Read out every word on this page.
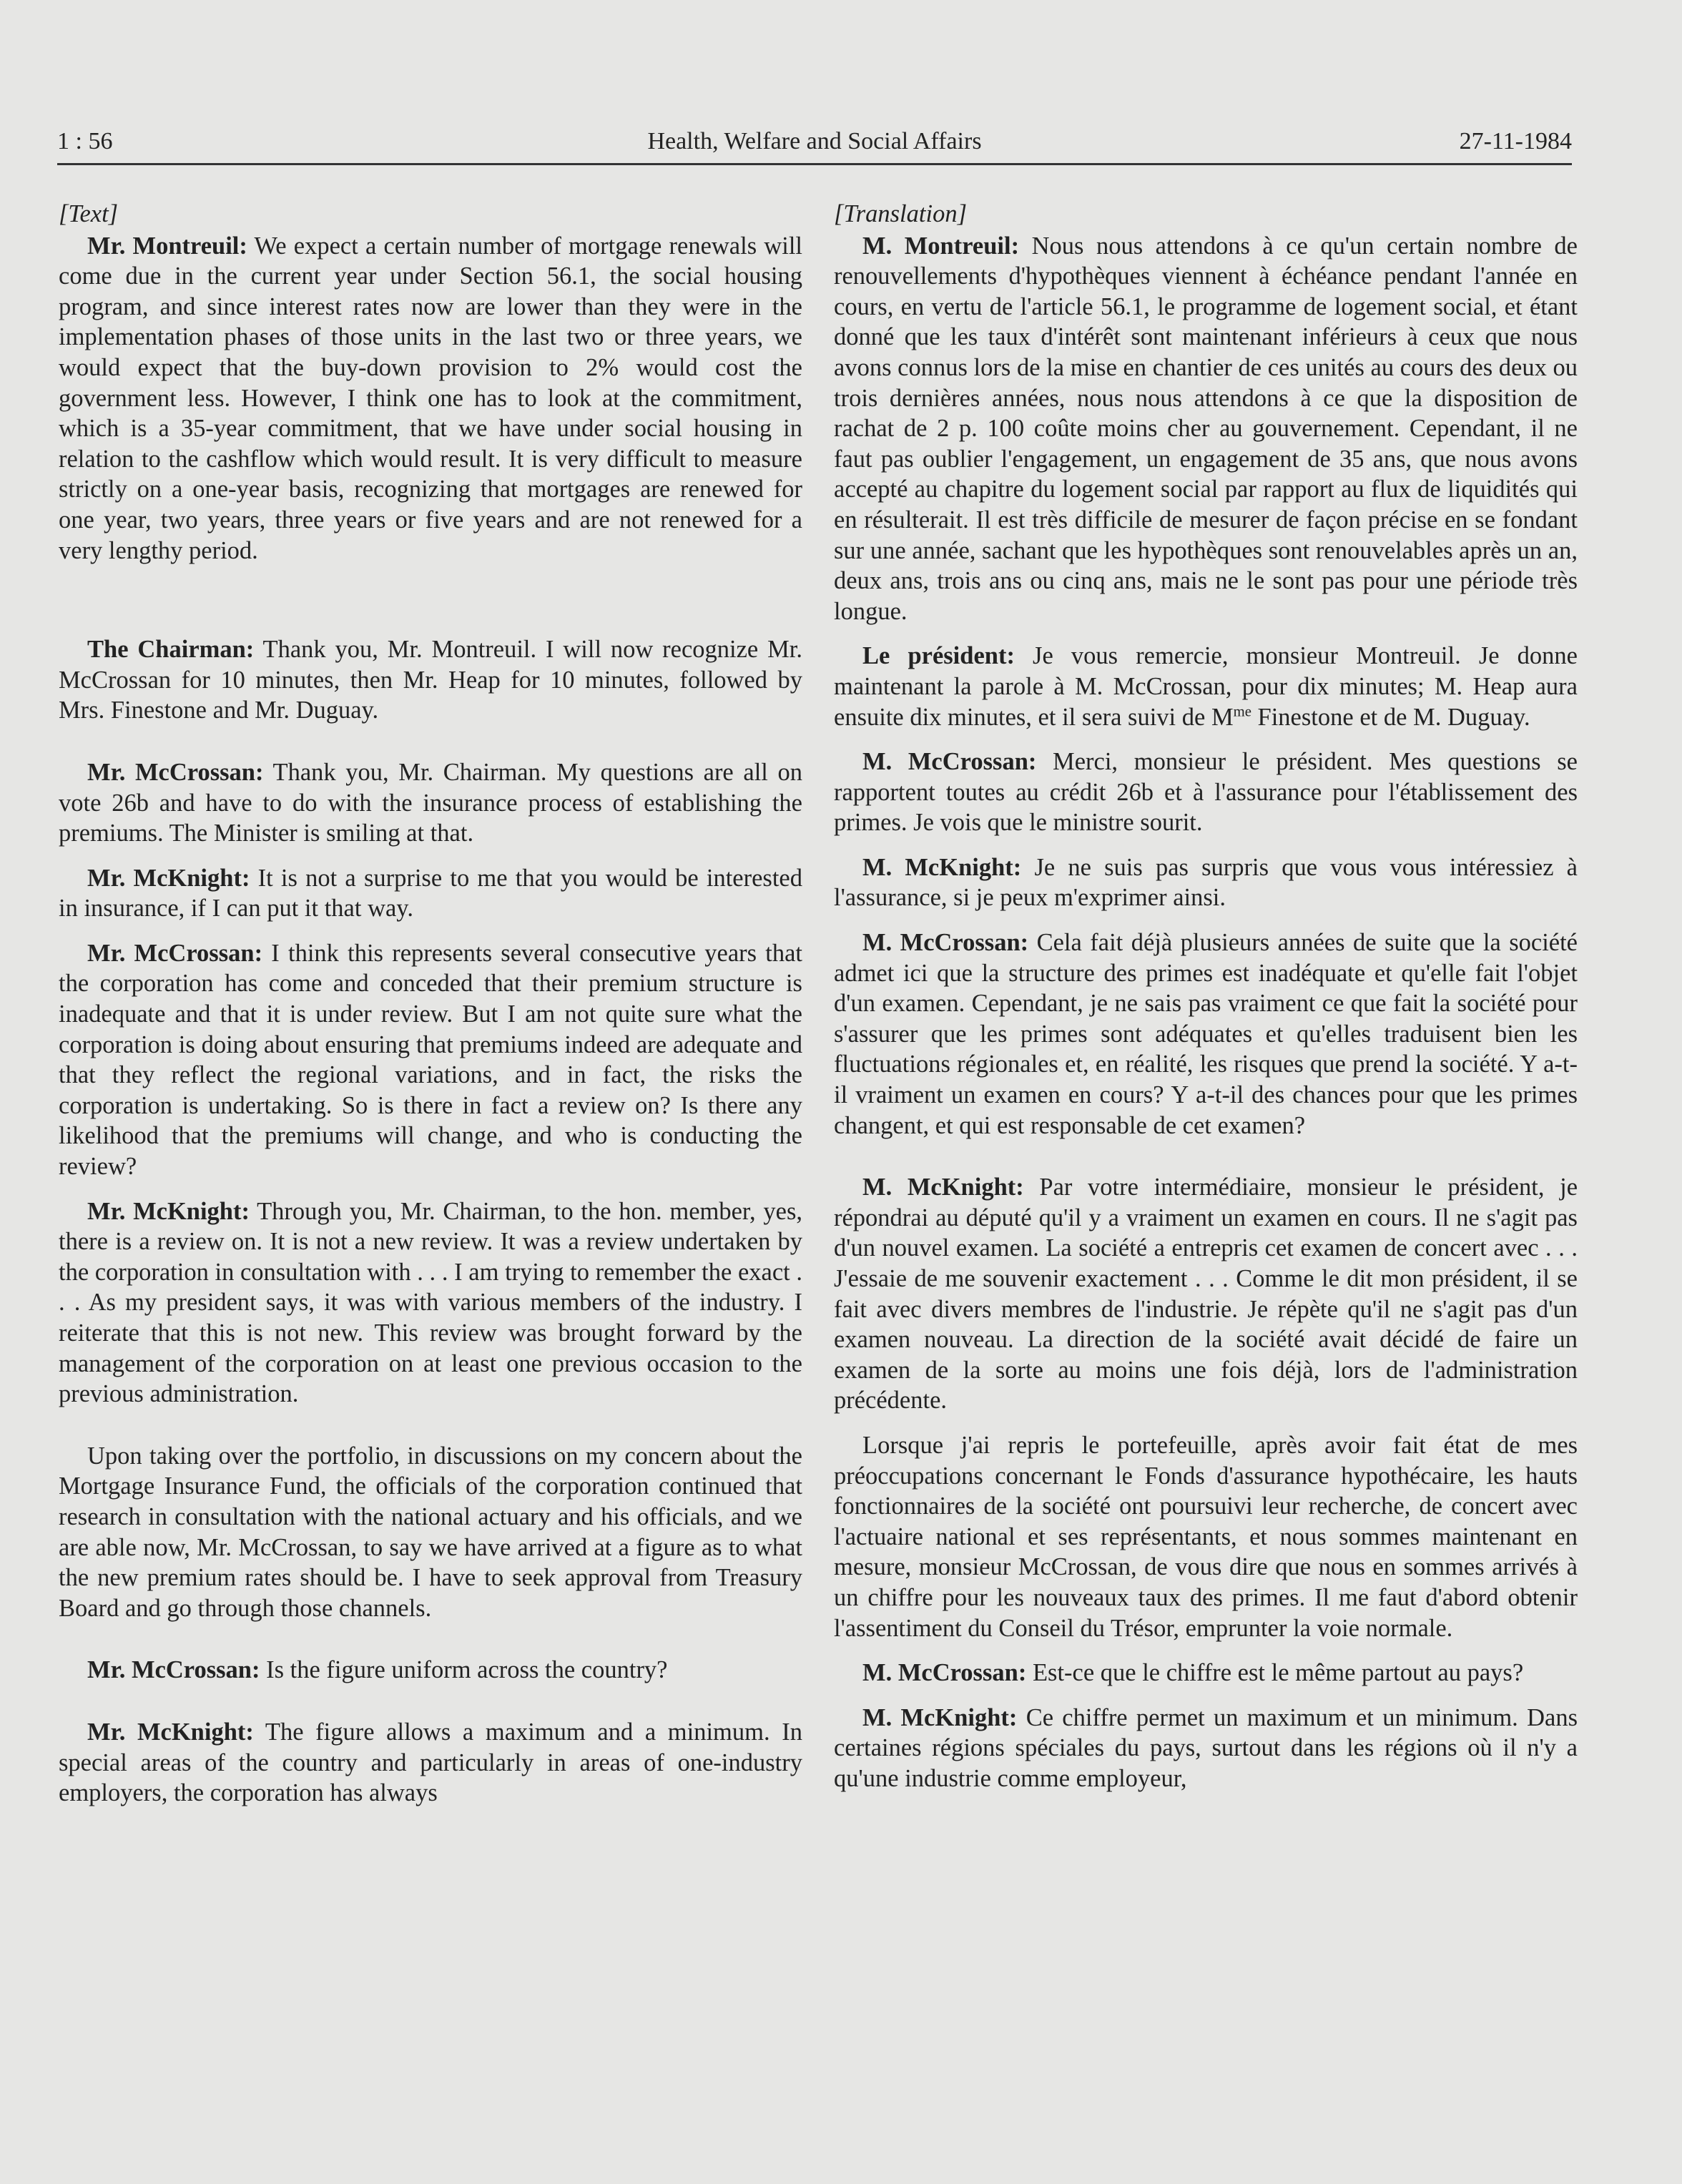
1 : 56	Health, Welfare and Social Affairs	27-11-1984

[Text]

Mr. Montreuil: We expect a certain number of mortgage renewals will come due in the current year under Section 56.1, the social housing program, and since interest rates now are lower than they were in the implementation phases of those units in the last two or three years, we would expect that the buy-down provision to 2% would cost the government less. However, I think one has to look at the commitment, which is a 35-year commitment, that we have under social housing in relation to the cashflow which would result. It is very difficult to measure strictly on a one-year basis, recognizing that mortgages are renewed for one year, two years, three years or five years and are not renewed for a very lengthy period.

The Chairman: Thank you, Mr. Montreuil. I will now recognize Mr. McCrossan for 10 minutes, then Mr. Heap for 10 minutes, followed by Mrs. Finestone and Mr. Duguay.

Mr. McCrossan: Thank you, Mr. Chairman. My questions are all on vote 26b and have to do with the insurance process of establishing the premiums. The Minister is smiling at that.

Mr. McKnight: It is not a surprise to me that you would be interested in insurance, if I can put it that way.

Mr. McCrossan: I think this represents several consecutive years that the corporation has come and conceded that their premium structure is inadequate and that it is under review. But I am not quite sure what the corporation is doing about ensuring that premiums indeed are adequate and that they reflect the regional variations, and in fact, the risks the corporation is undertaking. So is there in fact a review on? Is there any likelihood that the premiums will change, and who is conducting the review?

Mr. McKnight: Through you, Mr. Chairman, to the hon. member, yes, there is a review on. It is not a new review. It was a review undertaken by the corporation in consultation with . . . I am trying to remember the exact . . . As my president says, it was with various members of the industry. I reiterate that this is not new. This review was brought forward by the management of the corporation on at least one previous occasion to the previous administration.

Upon taking over the portfolio, in discussions on my concern about the Mortgage Insurance Fund, the officials of the corporation continued that research in consultation with the national actuary and his officials, and we are able now, Mr. McCrossan, to say we have arrived at a figure as to what the new premium rates should be. I have to seek approval from Treasury Board and go through those channels.

Mr. McCrossan: Is the figure uniform across the country?

Mr. McKnight: The figure allows a maximum and a minimum. In special areas of the country and particularly in areas of one-industry employers, the corporation has always

[Translation]

M. Montreuil: Nous nous attendons à ce qu'un certain nombre de renouvellements d'hypothèques viennent à échéance pendant l'année en cours, en vertu de l'article 56.1, le programme de logement social, et étant donné que les taux d'intérêt sont maintenant inférieurs à ceux que nous avons connus lors de la mise en chantier de ces unités au cours des deux ou trois dernières années, nous nous attendons à ce que la disposition de rachat de 2 p. 100 coûte moins cher au gouvernement. Cependant, il ne faut pas oublier l'engagement, un engagement de 35 ans, que nous avons accepté au chapitre du logement social par rapport au flux de liquidités qui en résulterait. Il est très difficile de mesurer de façon précise en se fondant sur une année, sachant que les hypothèques sont renouvelables après un an, deux ans, trois ans ou cinq ans, mais ne le sont pas pour une période très longue.

Le président: Je vous remercie, monsieur Montreuil. Je donne maintenant la parole à M. McCrossan, pour dix minutes; M. Heap aura ensuite dix minutes, et il sera suivi de $M^{me}$ Finestone et de M. Duguay.

M. McCrossan: Merci, monsieur le président. Mes questions se rapportent toutes au crédit 26b et à l'assurance pour l'établissement des primes. Je vois que le ministre sourit.

M. McKnight: Je ne suis pas surpris que vous vous intéressiez à l'assurance, si je peux m'exprimer ainsi.

M. McCrossan: Cela fait déjà plusieurs années de suite que la société admet ici que la structure des primes est inadéquate et qu'elle fait l'objet d'un examen. Cependant, je ne sais pas vraiment ce que fait la société pour s'assurer que les primes sont adéquates et qu'elles traduisent bien les fluctuations régionales et, en réalité, les risques que prend la société. Y a-t-il vraiment un examen en cours? Y a-t-il des chances pour que les primes changent, et qui est responsable de cet examen?

M. McKnight: Par votre intermédiaire, monsieur le président, je répondrai au député qu'il y a vraiment un examen en cours. Il ne s'agit pas d'un nouvel examen. La société a entrepris cet examen de concert avec . . . J'essaie de me souvenir exactement . . . Comme le dit mon président, il se fait avec divers membres de l'industrie. Je répète qu'il ne s'agit pas d'un examen nouveau. La direction de la société avait décidé de faire un examen de la sorte au moins une fois déjà, lors de l'administration précédente.

Lorsque j'ai repris le portefeuille, après avoir fait état de mes préoccupations concernant le Fonds d'assurance hypothécaire, les hauts fonctionnaires de la société ont poursuivi leur recherche, de concert avec l'actuaire national et ses représentants, et nous sommes maintenant en mesure, monsieur McCrossan, de vous dire que nous en sommes arrivés à un chiffre pour les nouveaux taux des primes. Il me faut d'abord obtenir l'assentiment du Conseil du Trésor, emprunter la voie normale.

M. McCrossan: Est-ce que le chiffre est le même partout au pays?

M. McKnight: Ce chiffre permet un maximum et un minimum. Dans certaines régions spéciales du pays, surtout dans les régions où il n'y a qu'une industrie comme employeur,
